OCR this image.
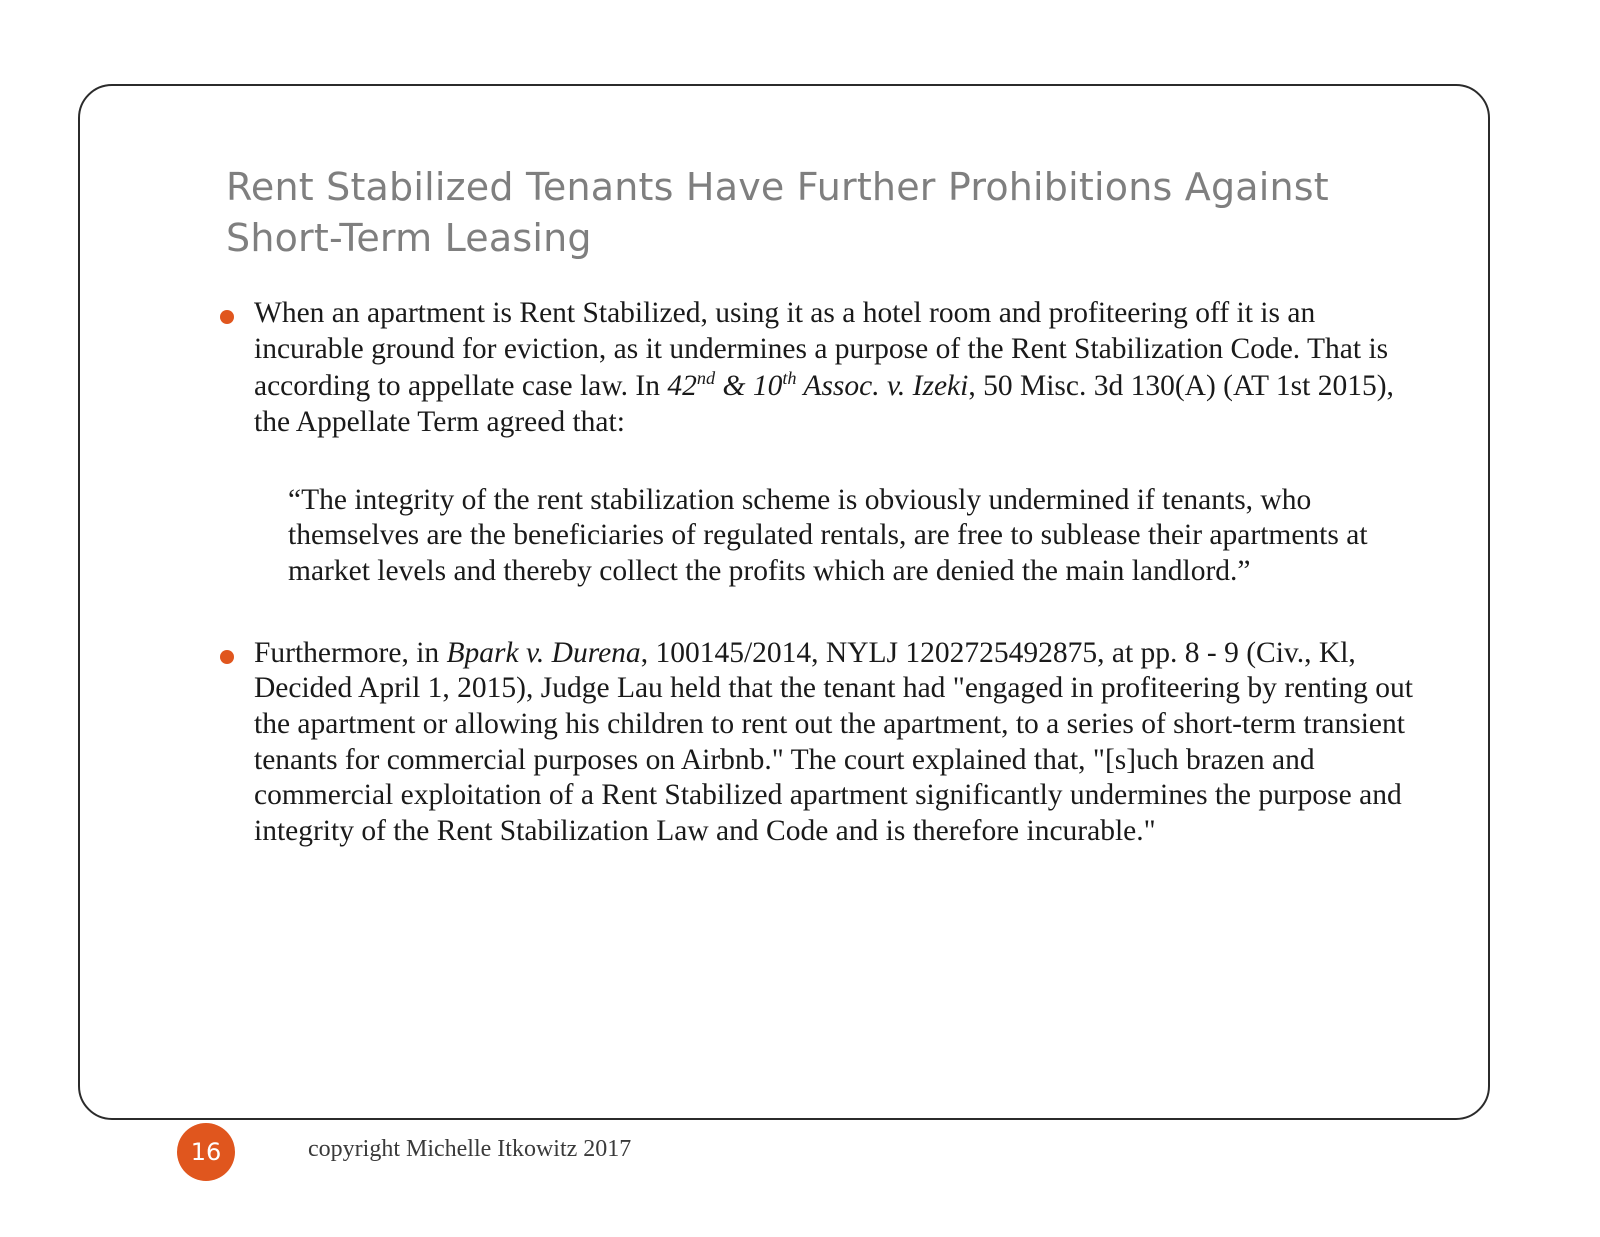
Rent Stabilized Tenants Have Further Prohibitions Against Short-Term Leasing
When an apartment is Rent Stabilized, using it as a hotel room and profiteering off it is an incurable ground for eviction, as it undermines a purpose of the Rent Stabilization Code. That is according to appellate case law. In 42nd & 10th Assoc. v. Izeki, 50 Misc. 3d 130(A) (AT 1st 2015), the Appellate Term agreed that:
“The integrity of the rent stabilization scheme is obviously undermined if tenants, who themselves are the beneficiaries of regulated rentals, are free to sublease their apartments at market levels and thereby collect the profits which are denied the main landlord.”
Furthermore, in Bpark v. Durena, 100145/2014, NYLJ 1202725492875, at pp. 8 - 9 (Civ., Kl, Decided April 1, 2015), Judge Lau held that the tenant had "engaged in profiteering by renting out the apartment or allowing his children to rent out the apartment, to a series of short-term transient tenants for commercial purposes on Airbnb." The court explained that, "[s]uch brazen and commercial exploitation of a Rent Stabilized apartment significantly undermines the purpose and integrity of the Rent Stabilization Law and Code and is therefore incurable."
16	copyright Michelle Itkowitz 2017
